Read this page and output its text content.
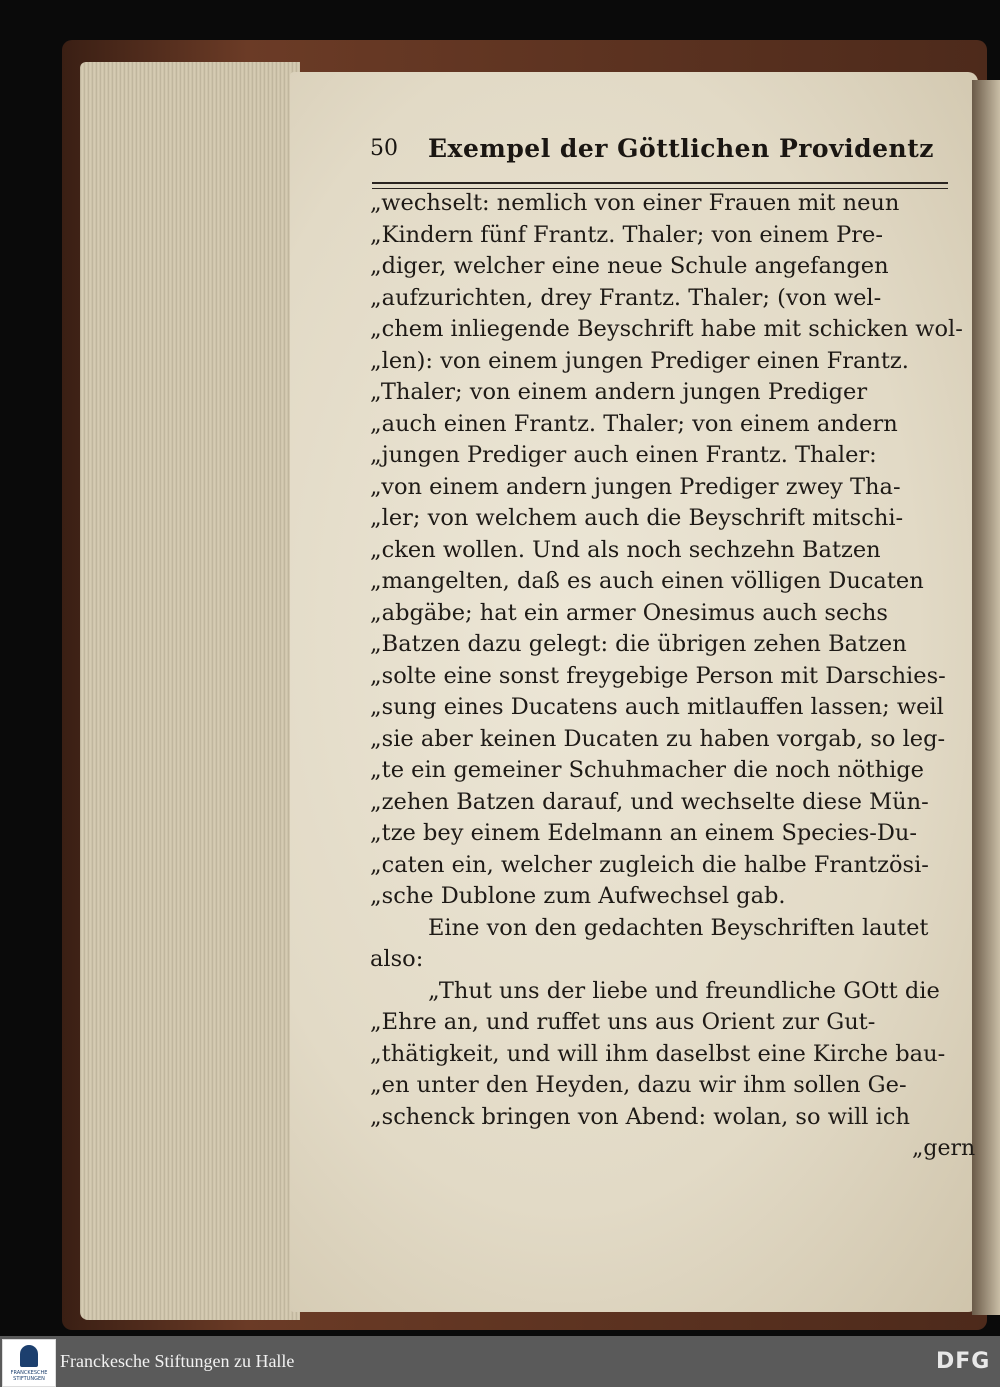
50 Exempel der Göttlichen Providentz
„wechselt: nemlich von einer Frauen mit neun
„Kindern fünf Frantz. Thaler; von einem Pre-
„diger, welcher eine neue Schule angefangen
„aufzurichten, drey Frantz. Thaler; (von wel-
„chem inliegende Beyschrift habe mit schicken wol-
„len): von einem jungen Prediger einen Frantz.
„Thaler; von einem andern jungen Prediger
„auch einen Frantz. Thaler; von einem andern
„jungen Prediger auch einen Frantz. Thaler:
„von einem andern jungen Prediger zwey Tha-
„ler; von welchem auch die Beyschrift mitschi-
„cken wollen. Und als noch sechzehn Batzen
„mangelten, daß es auch einen völligen Ducaten
„abgäbe; hat ein armer Onesimus auch sechs
„Batzen dazu gelegt: die übrigen zehen Batzen
„solte eine sonst freygebige Person mit Darschies-
„sung eines Ducatens auch mitlauffen lassen; weil
„sie aber keinen Ducaten zu haben vorgab, so leg-
„te ein gemeiner Schuhmacher die noch nöthige
„zehen Batzen darauf, und wechselte diese Mün-
„tze bey einem Edelmann an einem Species-Du-
„caten ein, welcher zugleich die halbe Frantzösi-
„sche Dublone zum Aufwechsel gab.
Eine von den gedachten Beyschriften lautet
also:
„Thut uns der liebe und freundliche GOtt die
„Ehre an, und ruffet uns aus Orient zur Gut-
„thätigkeit, und will ihm daselbst eine Kirche bau-
„en unter den Heyden, dazu wir ihm sollen Ge-
„schenck bringen von Abend: wolan, so will ich
„gern
FRANCKESCHE STIFTUNGEN
Franckesche Stiftungen zu Halle	DFG
